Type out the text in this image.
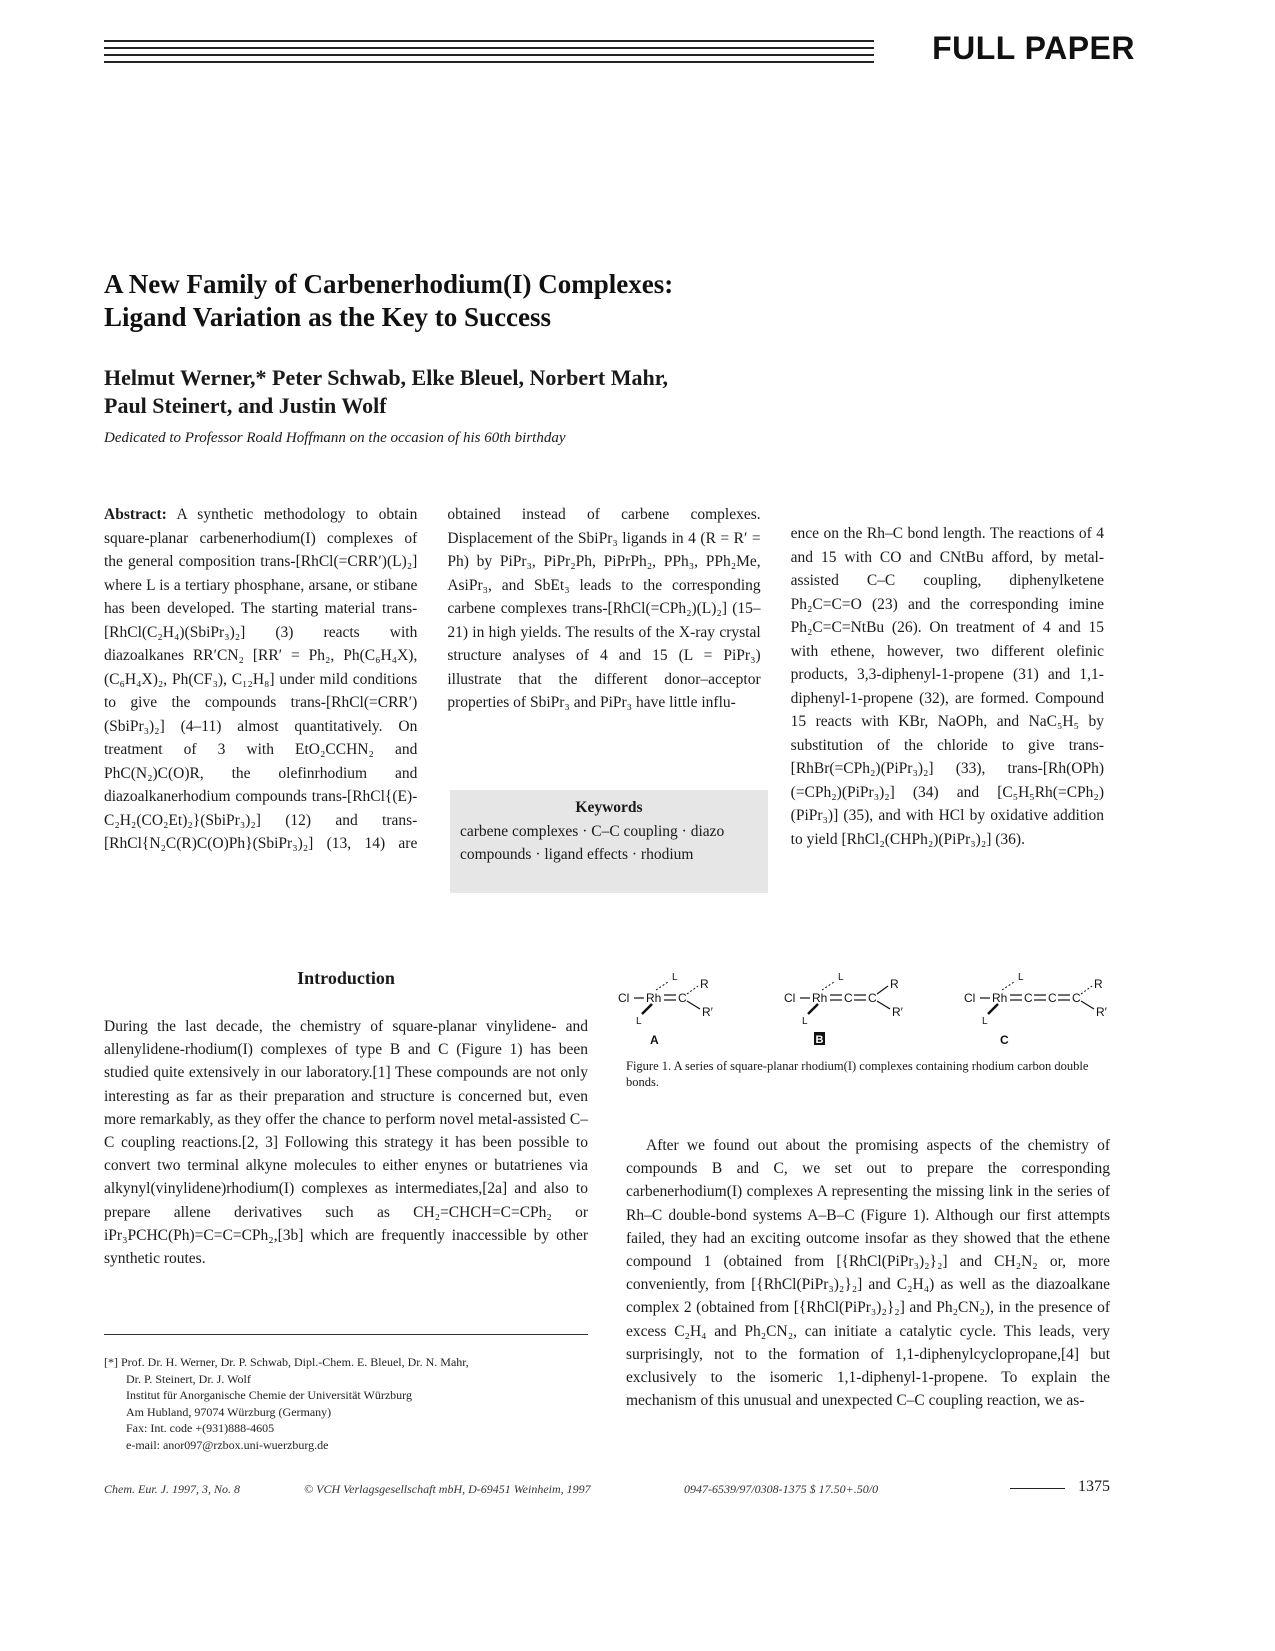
FULL PAPER
A New Family of Carbenerhodium(I) Complexes:
Ligand Variation as the Key to Success

Helmut Werner,* Peter Schwab, Elke Bleuel, Norbert Mahr,
Paul Steinert, and Justin Wolf

Dedicated to Professor Roald Hoffmann on the occasion of his 60th birthday

Abstract: A synthetic methodology to obtain square-planar carbenerhodium(I) complexes of the general composition trans-[RhCl(=CRR′)(L)₂] where L is a tertiary phosphane, arsane, or stibane has been developed. The starting material trans-[RhCl(C₂H₄)(SbiPr₃)₂] (3) reacts with diazoalkanes RR′CN₂ [RR′ = Ph₂, Ph(C₆H₄X), (C₆H₄X)₂, Ph(CF₃), C₁₂H₈] under mild conditions to give the compounds trans-[RhCl(=CRR′)(SbiPr₃)₂] (4–11) almost quantitatively. On treatment of 3 with EtO₂CCHN₂ and PhC(N₂)C(O)R, the olefinrhodium and diazoalkanerhodium compounds trans-[RhCl{(E)-C₂H₂(CO₂Et)₂}(SbiPr₃)₂] (12) and trans-[RhCl{N₂C(R)C(O)Ph}(SbiPr₃)₂] (13, 14) are obtained instead of carbene complexes. Displacement of the SbiPr₃ ligands in 4 (R = R′ = Ph) by PiPr₃, PiPr₂Ph, PiPrPh₂, PPh₃, PPh₂Me, AsiPr₃, and SbEt₃ leads to the corresponding carbene complexes trans-[RhCl(=CPh₂)(L)₂] (15–21) in high yields. The results of the X-ray crystal structure analyses of 4 and 15 (L = PiPr₃) illustrate that the different donor–acceptor properties of SbiPr₃ and PiPr₃ have little influ-
ence on the Rh–C bond length. The reactions of 4 and 15 with CO and CNtBu afford, by metal-assisted C–C coupling, diphenylketene Ph₂C=C=O (23) and the corresponding imine Ph₂C=C=NtBu (26). On treatment of 4 and 15 with ethene, however, two different olefinic products, 3,3-diphenyl-1-propene (31) and 1,1-diphenyl-1-propene (32), are formed. Compound 15 reacts with KBr, NaOPh, and NaC₅H₅ by substitution of the chloride to give trans-[RhBr(=CPh₂)(PiPr₃)₂] (33), trans-[Rh(OPh)(=CPh₂)(PiPr₃)₂] (34) and [C₅H₅Rh(=CPh₂)(PiPr₃)] (35), and with HCl by oxidative addition to yield [RhCl₂(CHPh₂)(PiPr₃)₂] (36).
Keywords
carbene complexes · C–C coupling · diazo compounds · ligand effects · rhodium
Introduction

During the last decade, the chemistry of square-planar vinylidene- and allenylidene-rhodium(I) complexes of type B and C (Figure 1) has been studied quite extensively in our laboratory.[1] These compounds are not only interesting as far as their preparation and structure is concerned but, even more remarkably, as they offer the chance to perform novel metal-assisted C–C coupling reactions.[2, 3] Following this strategy it has been possible to convert two terminal alkyne molecules to either enynes or butatrienes via alkynyl(vinylidene)rhodium(I) complexes as intermediates,[2a] and also to prepare allene derivatives such as CH₂=CHCH=C=CPh₂ or iPr₃PCHC(Ph)=C=C=CPh₂,[3b] which are frequently inaccessible by other synthetic routes.

[*] Prof. Dr. H. Werner, Dr. P. Schwab, Dipl.-Chem. E. Bleuel, Dr. N. Mahr,
Dr. P. Steinert, Dr. J. Wolf
Institut für Anorganische Chemie der Universität Würzburg
Am Hubland, 97074 Würzburg (Germany)
Fax: Int. code +(931)888-4605
e-mail: anor097@rzbox.uni-wuerzburg.de
Cl Rh C
L
L
R
R′
A
Cl Rh C C
L
L
R
R′
B
Cl Rh C C C
L
L
R
R′
C

Figure 1. A series of square-planar rhodium(I) complexes containing rhodium carbon double bonds.

After we found out about the promising aspects of the chemistry of compounds B and C, we set out to prepare the corresponding carbenerhodium(I) complexes A representing the missing link in the series of Rh–C double-bond systems A–B–C (Figure 1). Although our first attempts failed, they had an exciting outcome insofar as they showed that the ethene compound 1 (obtained from [{RhCl(PiPr₃)₂}₂] and CH₂N₂ or, more conveniently, from [{RhCl(PiPr₃)₂}₂] and C₂H₄) as well as the diazoalkane complex 2 (obtained from [{RhCl(PiPr₃)₂}₂] and Ph₂CN₂), in the presence of excess C₂H₄ and Ph₂CN₂, can initiate a catalytic cycle. This leads, very surprisingly, not to the formation of 1,1-diphenylcyclopropane,[4] but exclusively to the isomeric 1,1-diphenyl-1-propene. To explain the mechanism of this unusual and unexpected C–C coupling reaction, we as-

Chem. Eur. J. 1997, 3, No. 8	© VCH Verlagsgesellschaft mbH, D-69451 Weinheim, 1997	0947-6539/97/0308-1375 $ 17.50+.50/0	1375
